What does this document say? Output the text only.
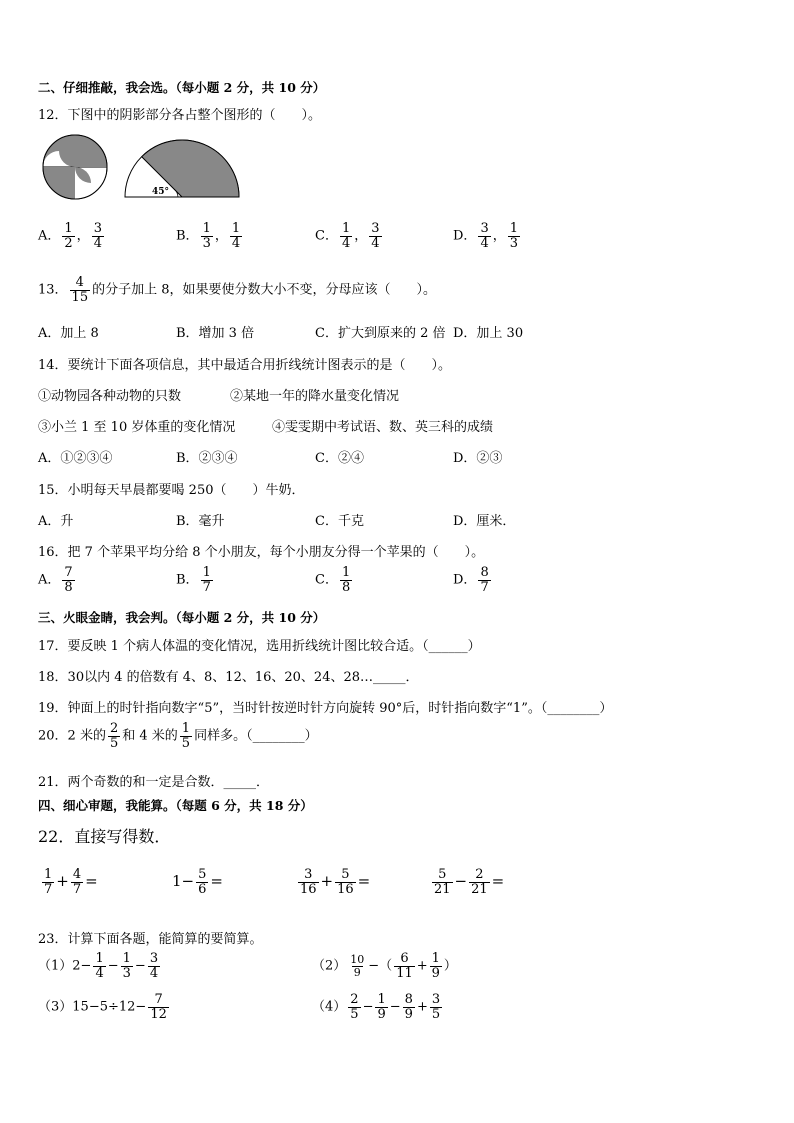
二、仔细推敲，我会选。（每小题 2 分，共 10 分）
12．下图中的阴影部分各占整个图形的（　　）。
45°
A． $\frac{1}{2}$ ， $\frac{3}{4}$	B． $\frac{1}{3}$ ， $\frac{1}{4}$	C． $\frac{1}{4}$ ， $\frac{3}{4}$	D． $\frac{3}{4}$ ， $\frac{1}{3}$
13． $\frac{4}{15}$ 的分子加上 8，如果要使分数大小不变，分母应该（　　）。
A．加上 8	B．增加 3 倍	C．扩大到原来的 2 倍 D．加上 30
14．要统计下面各项信息，其中最适合用折线统计图表示的是（　　）。
①动物园各种动物的只数	②某地一年的降水量变化情况
③小兰 1 至 10 岁体重的变化情况	④雯雯期中考试语、数、英三科的成绩
A．①②③④	B．②③④	C．②④	D．②③
15．小明每天早晨都要喝 250（　　）牛奶．
A．升	B．毫升	C．千克	D．厘米．
16．把 7 个苹果平均分给 8 个小朋友，每个小朋友分得一个苹果的（　　）。
A． $\frac{7}{8}$	B． $\frac{1}{7}$	C． $\frac{1}{8}$	D． $\frac{8}{7}$
三、火眼金睛，我会判。（每小题 2 分，共 10 分）
17．要反映 1 个病人体温的变化情况，选用折线统计图比较合适。（______）
18．30以内 4 的倍数有 4、8、12、16、20、24、28…_____．
19．钟面上的时针指向数字“5”，当时针按逆时针方向旋转 90°后，时针指向数字“1”。（________）
20．2 米的 $\frac{2}{5}$ 和 4 米的 $\frac{1}{5}$ 同样多。（________）
21．两个奇数的和一定是合数．_____．
四、细心审题，我能算。（每题 6 分，共 18 分）
22．直接写得数．
$\frac{1}{7} + \frac{4}{7}$ =	$1- \frac{5}{6}$ =	$\frac{3}{16} + \frac{5}{16}$ =	$\frac{5}{21} - \frac{2}{21}$ =
23．计算下面各题，能简算的要简算。
$(1)2- \frac{1}{4} - \frac{1}{3} - \frac{3}{4}$	$(2) \frac{10}{9}$ −（ $\frac{6}{11} + \frac{1}{9}$ ）
$(3)15-5\div 12- \frac{7}{12}$	$(4) \frac{2}{5} - \frac{1}{9} - \frac{8}{9} + \frac{3}{5}$
